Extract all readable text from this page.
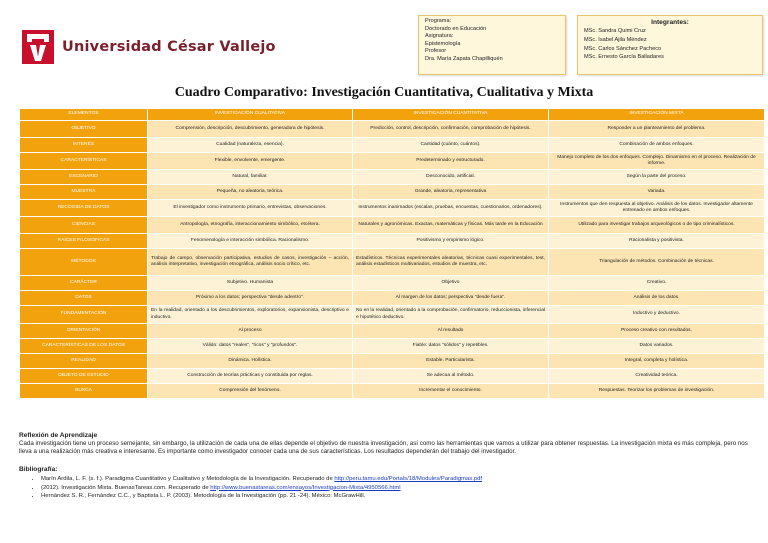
Universidad César Vallejo
Programa:
Doctorado en Educación
Asignatura:
Epistemología
Profesor
Dra. María Zapata Chapilliquén
Integrantes:
MSc. Sandra Quimi Cruz
MSc. Isabel Ajila Méndez
MSc. Carlos Sánchez Pacheco
MSc. Ernesto García Balladares
Cuadro Comparativo: Investigación Cuantitativa, Cualitativa y Mixta
ELEMENTOS	INVESTIGACIÓN CUALITATIVA	INVESTIGACIÓN CUANTITATIVA	INVESTIGACIÓN MIXTA
OBJETIVO	Comprensión, descripción, descubrimiento, generadora de hipótesis.	Predicción, control, descripción, confirmación, comprobación de hipótesis.	Responder a un planteamiento del problema.
INTERÉS	Cualidad (naturaleza, esencia).	Cantidad (cuánto, cuántos).	Combinación de ambos enfoques.
CARACTERÍSTICAS	Flexible, envolvente, emergente.	Predeterminado y estructurado.	Manejo completo de los dos enfoques. Complejo. Dinamismo en el proceso. Realización de informe.
ESCENARIO	Natural, familiar.	Desconocido, artificial.	Según la parte del proceso.
MUESTRA	Pequeña, no aleatoria, teórica.	Grande, aleatoria, representativa	Variada.
RECOGIDA DE DATOS	El investigador como instrumento primario, entrevistas, observaciones.	Instrumentos inanimados (escalas, pruebas, encuestas, cuestionarios, ordenadores).	Instrumentos que den respuesta al objetivo. Análisis de los datos. Investigador altamente entrenado en ambos enfoques.
CIENCIAS	Antropología, etnografía, interaccionamiento simbólico, etcétera.	Naturales y agronómicas. Exactas, matemáticas y físicas. Más tarde en la Educación	Utilizado para investigar trabajos arqueológicos o de tipo criminalísticos.
RAÍCES FILOSÓFICAS	Fenomenología e interacción simbólica. Racionalismo.	Positivismo y empirismo lógico.	Racionalista y positivista.
MÉTODOS	Trabajo de campo, observación participativa, estudios de casos, investigación – acción, análisis interpretativo, investigación etnográfica, análisis socio crítico, etc.	Estadísticos. Técnicas experimentales aleatorias, técnicas cuasi experimentales, test, análisis estadísticos multivariados, estudios de muestra, etc.	Triangulación de métodos. Combinación de técnicas.
CARÁCTER	Subjetivo. Humanista	Objetivo	Creativo.
DATOS	Próximo a los datos; perspectiva "desde adentro".	Al margen de los datos; perspectiva "desde fuera".	Análisis de los datos.
FUNDAMENTACIÓN	En la realidad, orientado a los descubrimientos, exploratorios, expansionista, descriptivo e inductivo.	No en la realidad, orientado a la comprobación, confirmatorio, reduccionista, inferencial e hipotético deductivo.	Inductivo y deductivo.
ORIENTACIÓN	Al proceso	Al resultado	Proceso creativo con resultados.
CARACTERÍSTICAS DE LOS DATOS	Válido: datos "reales", "ricos" y "profundos".	Fiable: datos "sólidos" y repetibles.	Datos variados.
REALIDAD	Dinámica. Holística.	Estable. Particularista.	Integral, completa y holística.
OBJETO DE ESTUDIO	Construcción de teorías prácticas y constituida por reglas.	Se adecua al método.	Creatividad teórica.
BUSCA	Comprensión del fenómeno.	Incrementar el conocimiento.	Respuestas. Teorizar los problemas de investigación.
Reflexión de Aprendizaje
Cada investigación tiene un proceso semejante, sin embargo, la utilización de cada una de ellas depende el objetivo de nuestra investigación, así como las herramientas que vamos a utilizar para obtener respuestas. La investigación mixta es más compleja, pero nos lleva a una realización más creativa e interesante. Es importante como investigador conocer cada una de sus características. Los resultados dependerán del trabajo del investigador.
Bibliografía:
• Marín Ardila, L. F. (s. f.). Paradigma Cuantitativo y Cualitativo y Metodología de la Investigación. Recuperado de http://peru.tamu.edu/Portals/18/Modules/Paradigmas.pdf
• (2012). Investigación Mixta. BuenasTareas.com. Recuperado de http://www.buenastareas.com/ensayos/Investigacion-Mixta/4950566.html
• Hernández S. R., Fernández C.C., y Baptista L. P. (2003). Metodología de la Investigación (pp. 21 -24). México: McGrawHill.
